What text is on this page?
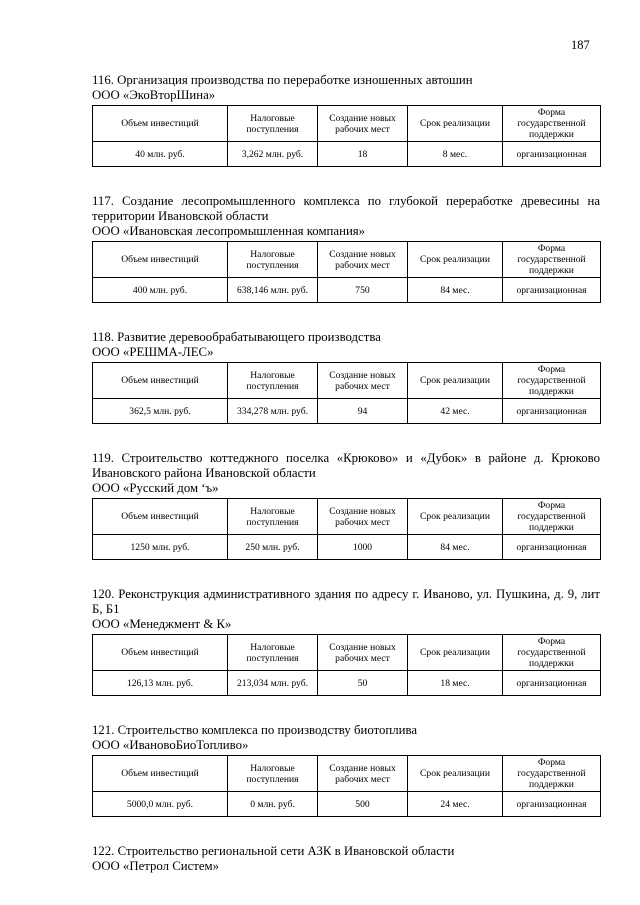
187

116. Организация производства по переработке изношенных автошин

ООО «ЭкоВторШина»

Объем инвестиций	Налоговые поступления	Создание новых рабочих мест	Срок реализации	Форма государственной поддержки
40 млн. руб.	3,262 млн. руб.	18	8 мес.	организационная

117. Создание лесопромышленного комплекса по глубокой переработке древесины на территории Ивановской области

ООО «Ивановская лесопромышленная компания»

Объем инвестиций	Налоговые поступления	Создание новых рабочих мест	Срок реализации	Форма государственной поддержки
400 млн. руб.	638,146 млн. руб.	750	84 мес.	организационная

118. Развитие деревообрабатывающего производства

ООО «РЕШМА-ЛЕС»

Объем инвестиций	Налоговые поступления	Создание новых рабочих мест	Срок реализации	Форма государственной поддержки
362,5 млн. руб.	334,278 млн. руб.	94	42 мес.	организационная

119. Строительство коттеджного поселка «Крюково» и «Дубок» в районе д. Крюково Ивановского района Ивановской области

ООО «Русский дом ‘ъ»

Объем инвестиций	Налоговые поступления	Создание новых рабочих мест	Срок реализации	Форма государственной поддержки
1250 млн. руб.	250 млн. руб.	1000	84 мес.	организационная

120. Реконструкция административного здания по адресу г. Иваново, ул. Пушкина, д. 9, лит Б, Б1

ООО «Менеджмент & К»

Объем инвестиций	Налоговые поступления	Создание новых рабочих мест	Срок реализации	Форма государственной поддержки
126,13 млн. руб.	213,034 млн. руб.	50	18 мес.	организационная

121. Строительство комплекса по производству биотоплива

ООО «ИвановоБиоТопливо»

Объем инвестиций	Налоговые поступления	Создание новых рабочих мест	Срок реализации	Форма государственной поддержки
5000,0 млн. руб.	0 млн. руб.	500	24 мес.	организационная

122. Строительство региональной сети АЗК в Ивановской области

ООО «Петрол Систем»
